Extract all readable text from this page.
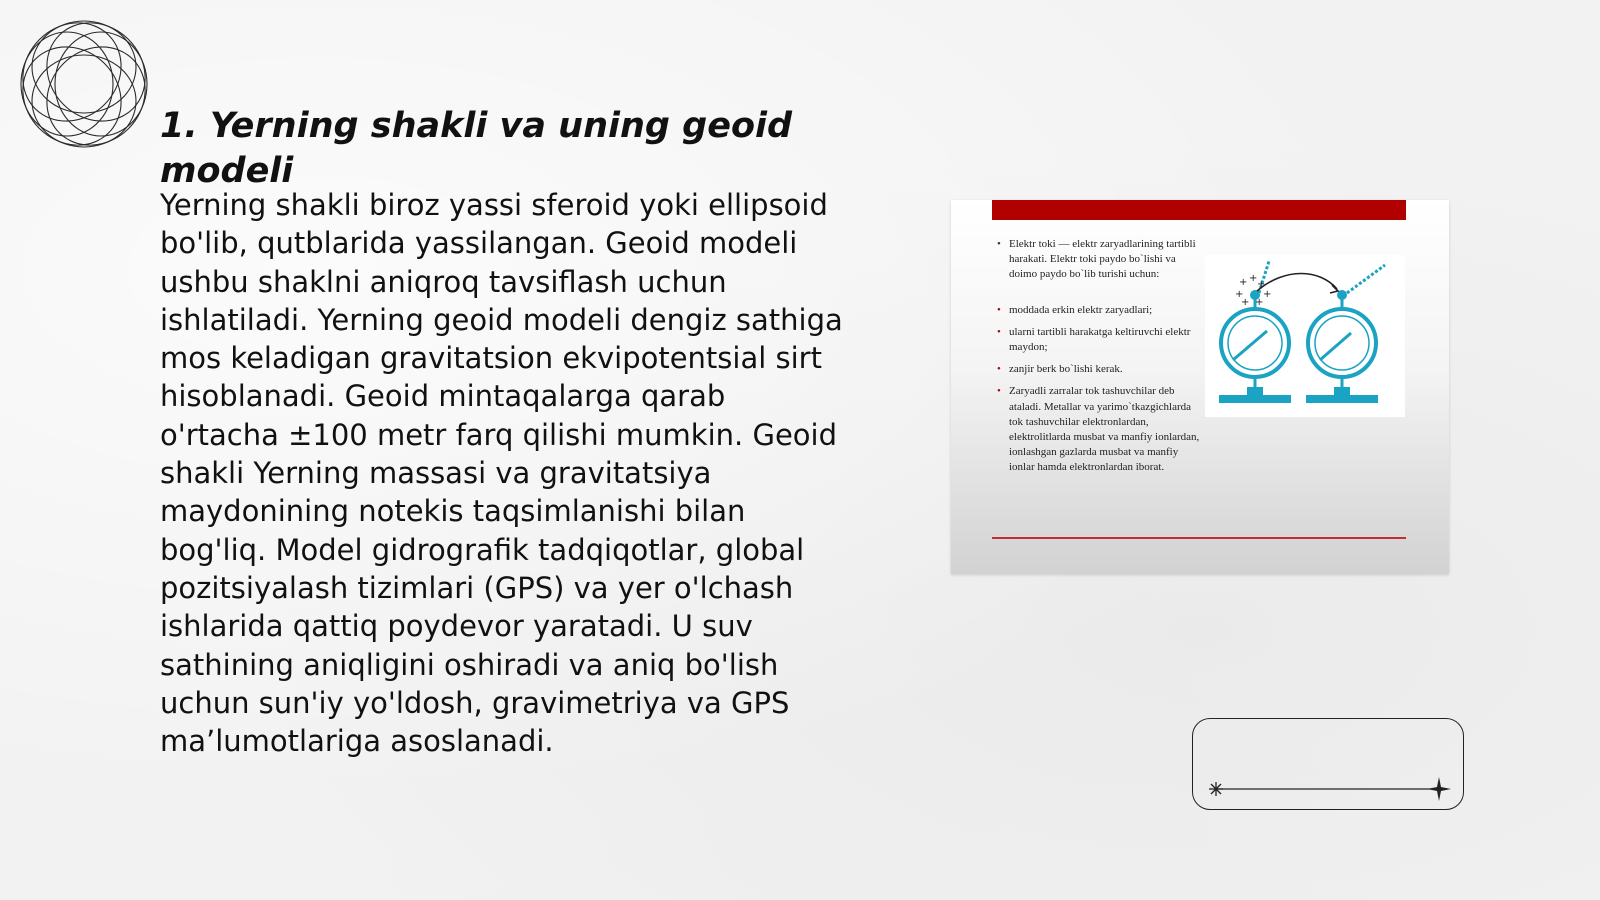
1. Yerning shakli va uning geoid modeli

Yerning shakli biroz yassi sferoid yoki ellipsoid bo'lib, qutblarida yassilangan. Geoid modeli ushbu shaklni aniqroq tavsiflash uchun ishlatiladi. Yerning geoid modeli dengiz sathiga mos keladigan gravitatsion ekvipotentsial sirt hisoblanadi. Geoid mintaqalarga qarab o'rtacha ±100 metr farq qilishi mumkin. Geoid shakli Yerning massasi va gravitatsiya maydonining notekis taqsimlanishi bilan bog'liq. Model gidrografik tadqiqotlar, global pozitsiyalash tizimlari (GPS) va yer o'lchash ishlarida qattiq poydevor yaratadi. U suv sathining aniqligini oshiradi va aniq bo'lish uchun sun'iy yo'ldosh, gravimetriya va GPS ma’lumotlariga asoslanadi.

• Elektr toki — elektr zaryadlarining tartibli harakati. Elektr toki paydo bo`lishi va doimo paydo bo`lib turishi uchun:
• moddada erkin elektr zaryadlari;
• ularni tartibli harakatga keltiruvchi elektr maydon;
• zanjir berk bo`lishi kerak.
• Zaryadli zarralar tok tashuvchilar deb ataladi. Metallar va yarimo`tkazgichlarda tok tashuvchilar elektronlardan, elektrolitlarda musbat va manfiy ionlardan, ionlashgan gazlarda musbat va manfiy ionlar hamda elektronlardan iborat.
+ +
+
+ +
+ +
